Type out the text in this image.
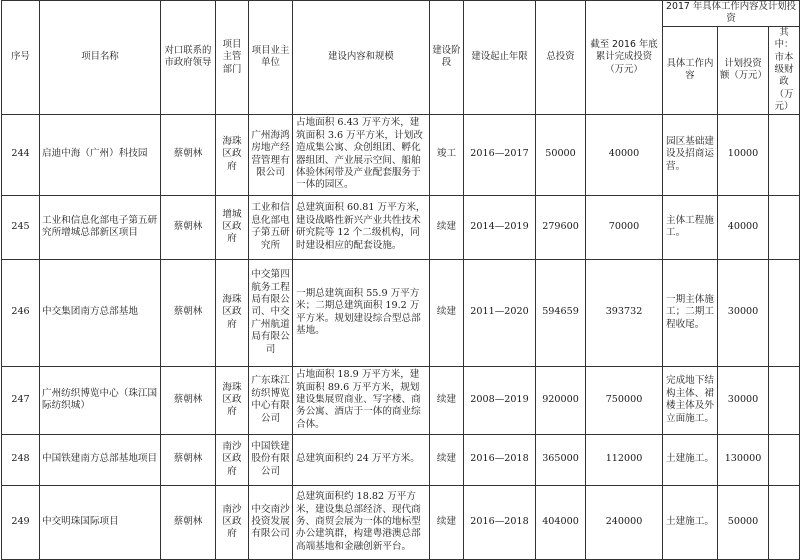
序号	项目名称	对口联系的市政府领导	项目主管部门	项目业主单位	建设内容和规模	建设阶段	建设起止年限	总投资	截至 2016 年底累计完成投资（万元）	2017 年具体工作内容及计划投资		
										具体工作内容	计划投资额（万元）	其中：市本级财政（万元）
244	启迪中海（广州）科技园	蔡朝林	海珠区政府	广州海鸿房地产经营管理有限公司	占地面积 6.43 万平方米，建筑面积 3.6 万平方米，计划改造成集公寓、众创组团、孵化器组团、产业展示空间、船舶体验休闲带及产业配套服务于一体的园区。	竣工	2016—2017	50000	40000	园区基础建设及招商运营。	10000	
245	工业和信息化部电子第五研究所增城总部新区项目	蔡朝林	增城区政府	工业和信息化部电子第五研究所	总建筑面积 60.81 万平方米，建设战略性新兴产业共性技术研究院等 12 个二级机构，同时建设相应的配套设施。	续建	2014—2019	279600	70000	主体工程施工。	40000	
246	中交集团南方总部基地	蔡朝林	海珠区政府	中交第四航务工程局有限公司、中交广州航道局有限公司	一期总建筑面积 55.9 万平方米；二期总建筑面积 19.2 万平方米。规划建设综合型总部基地。	续建	2011—2020	594659	393732	一期主体施工；二期工程收尾。	30000	
247	广州纺织博览中心（珠江国际纺织城）	蔡朝林	海珠区政府	广东珠江纺织博览中心有限公司	占地面积 18.9 万平方米，建筑面积 89.6 万平方米，规划建设集展贸商业、写字楼、商务公寓、酒店于一体的商业综合体。	续建	2008—2019	920000	750000	完成地下结构主体、裙楼主体及外立面施工。	30000	
248	中国铁建南方总部基地项目	蔡朝林	南沙区政府	中国铁建股份有限公司	总建筑面积约 24 万平方米。	续建	2016—2018	365000	112000	土建施工。	130000	
249	中交明珠国际项目	蔡朝林	南沙区政府	中交南沙投资发展有限公司	总建筑面积约 18.82 万平方米，建设集总部经济、现代商务、商贸会展为一体的地标型办公建筑群，构建粤港澳总部高端基地和金融创新平台。	续建	2016—2018	404000	240000	土建施工。	50000	
